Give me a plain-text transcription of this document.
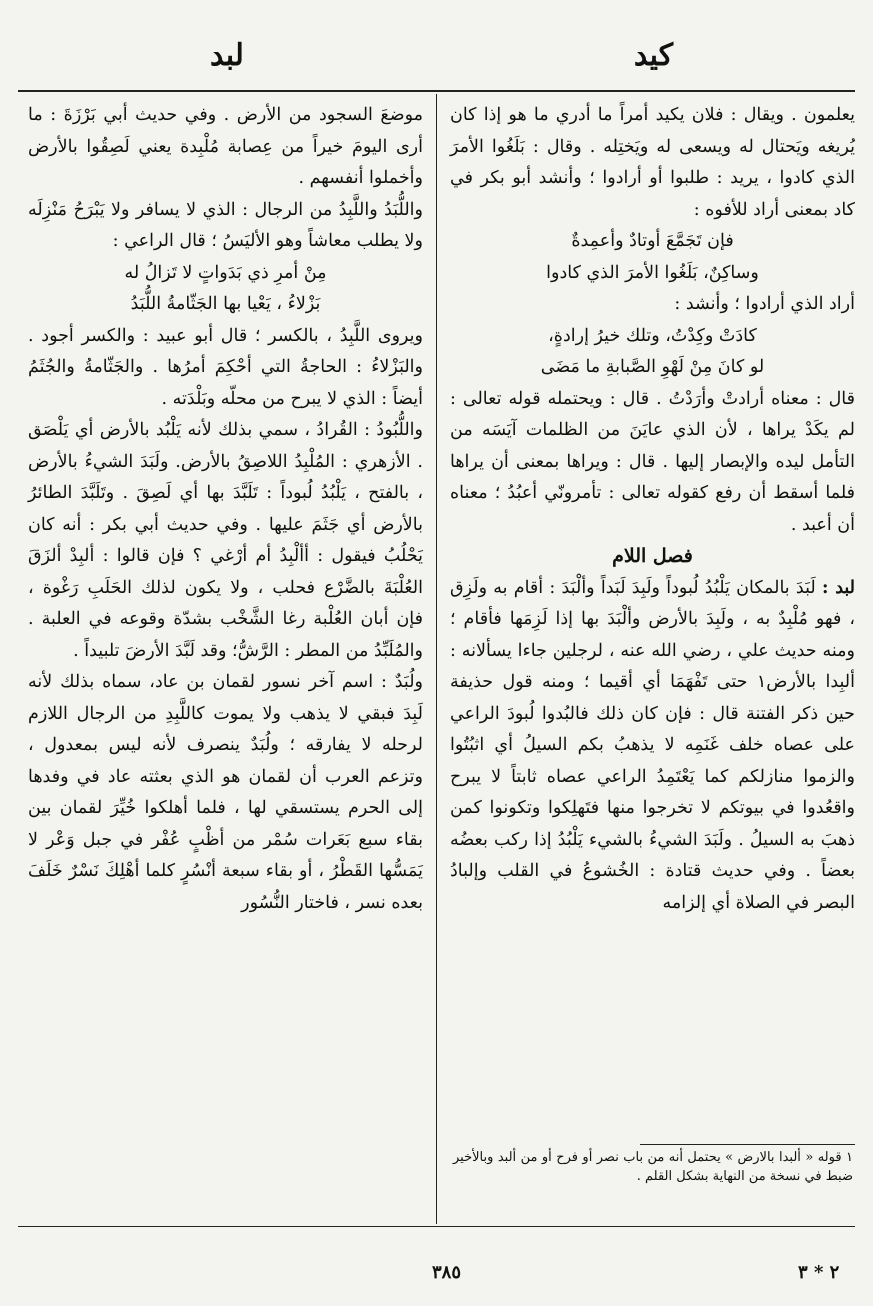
كيد
لبد

يعلمون . ويقال : فلان يكيد أمراً ما أدري ما هو إذا كان يُريغه ويَحتال له ويسعى له ويَختِله . وقال : بَلَغُوا الأمرَ الذي كادوا ، يريد : طلبوا أو أرادوا ؛ وأنشد أبو بكر في كاد بمعنى أراد للأفوه :

فإن تَجَمَّعَ أوتادٌ وأعمِدةٌ

وساكِنٌ، بَلَغُوا الأمرَ الذي كادوا

أراد الذي أرادوا ؛ وأنشد :

كادَتْ وكِدْتُ، وتلك خيرُ إرادةٍ،

لو كانَ مِنْ لَهْوِ الصَّبابةِ ما مَضَى

قال : معناه أرادتْ وأرَدْتُ . قال : ويحتمله قوله تعالى : لم يكَدْ يراها ، لأن الذي عايَنَ من الظلمات آيَسَه من التأمل ليده والإبصار إليها . قال : ويراها بمعنى أن يراها فلما أسقط أن رفع كقوله تعالى : تأمرونّي أعبُدُ ؛ معناه أن أعبد .

فصل اللام

لبد : لَبَدَ بالمكان يَلْبُدُ لُبوداً ولَبِدَ لَبَداً وألْبَدَ : أقام به ولَزِق ، فهو مُلْبِدٌ به ، ولَبِدَ بالأرض وألْبَدَ بها إذا لَزِمَها فأقام ؛ ومنه حديث علي ، رضي الله عنه ، لرجلين جاءا يسألانه : ألبِدا بالأرض١ حتى تَفْهَمَا أي أقيما ؛ ومنه قول حذيفة حين ذكر الفتنة قال : فإن كان ذلك فالبُدوا لُبودَ الراعي على عصاه خلف غَنَمِه لا يذهبُ بكم السيلُ أي اثبُتُوا والزموا منازلكم كما يَعْتَمِدُ الراعي عصاه ثابتاً لا يبرح واقعُدوا في بيوتكم لا تخرجوا منها فتَهلِكوا وتكونوا كمن ذهبَ به السيلُ . ولَبَدَ الشيءُ بالشيء يَلْبُدُ إذا ركب بعضُه بعضاً . وفي حديث قتادة : الخُشوعُ في القلب وإلبادُ البصر في الصلاة أي إلزامه

موضعَ السجود من الأرض . وفي حديث أبي بَرْزَةَ : ما أرى اليومَ خيراً من عِصابة مُلْبِدة يعني لَصِقُوا بالأرض وأخملوا أنفسهم .

واللُّبَدُ واللَّبِدُ من الرجال : الذي لا يسافر ولا يَبْرَحُ مَنْزِلَه ولا يطلب معاشاً وهو الأليَسُ ؛ قال الراعي :

مِنْ أمرِ ذي بَدَواتٍ لا تَزالُ له

بَزْلاءُ ، يَعْيا بها الجَثّامةُ اللُّبَدُ

ويروى اللَّبِدُ ، بالكسر ؛ قال أبو عبيد : والكسر أجود . والبَزْلاءُ : الحاجةُ التي أحْكِمَ أمرُها . والجَثّامةُ والجُثَمُ أيضاً : الذي لا يبرح من محلّه وبَلْدَته .

واللُّبُودُ : القُرادُ ، سمي بذلك لأنه يَلْبُد بالأرض أي يَلْصَق . الأزهري : المُلْبِدُ اللاصِقُ بالأرض. ولَبَدَ الشيءُ بالأرض ، بالفتح ، يَلْبُدُ لُبوداً : تَلَبَّدَ بها أي لَصِقَ . وتَلَبَّدَ الطائرُ بالأرض أي جَثَمَ عليها . وفي حديث أبي بكر : أنه كان يَحْلُبُ فيقول : أألْبِدُ أم أرْغي ؟ فإن قالوا : ألبِدْ ألزَقَ العُلْبَةَ بالضَّرْع فحلب ، ولا يكون لذلك الحَلَبِ رَغْوة ، فإن أبان العُلْبة رغا الشَّخْب بشدّة وقوعه في العلبة . والمُلَبِّدُ من المطر : الرَّشُّ؛ وقد لَبَّدَ الأرضَ تلبيداً .

ولُبَدٌ : اسم آخر نسور لقمان بن عاد، سماه بذلك لأنه لَبِدَ فبقي لا يذهب ولا يموت كاللَّبِدِ من الرجال اللازم لرحله لا يفارقه ؛ ولُبَدٌ ينصرف لأنه ليس بمعدول ، وتزعم العرب أن لقمان هو الذي بعثته عاد في وفدها إلى الحرم يستسقي لها ، فلما أهلكوا خُيِّرَ لقمان بين بقاء سبع بَعَرات سُمْر من أظْبٍ عُفْر في جبل وَعْر لا يَمَسُّها القَطْرُ ، أو بقاء سبعة أنْسُرٍ كلما أهْلِكَ نَسْرٌ خَلَفَ بعده نسر ، فاختار النُّسُور

١ قوله « ألبدا بالارض » يحتمل أنه من باب نصر أو فرح أو من ألبد وبالأخير ضبط في نسخة من النهاية بشكل القلم .
٣٨٥	٢ * ٣
